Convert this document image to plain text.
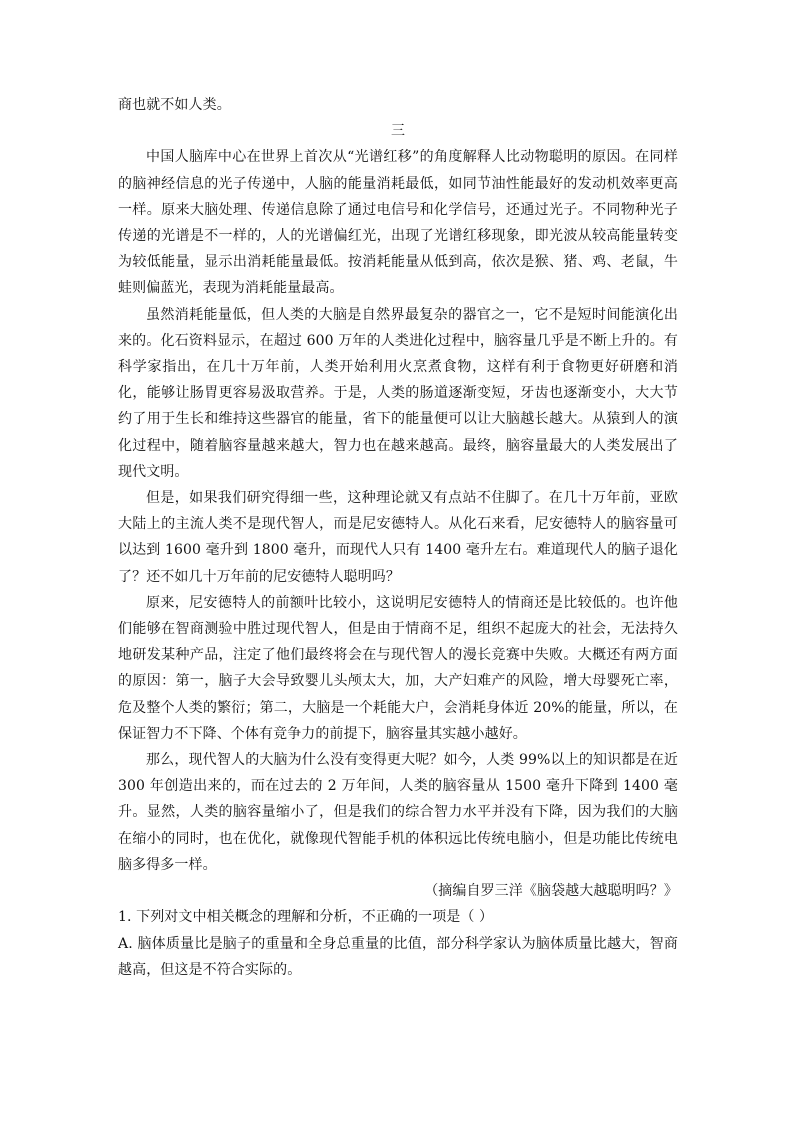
商也就不如人类。

三

中国人脑库中心在世界上首次从“光谱红移”的角度解释人比动物聪明的原因。在同样的脑神经信息的光子传递中，人脑的能量消耗最低，如同节油性能最好的发动机效率更高一样。原来大脑处理、传递信息除了通过电信号和化学信号，还通过光子。不同物种光子传递的光谱是不一样的，人的光谱偏红光，出现了光谱红移现象，即光波从较高能量转变为较低能量，显示出消耗能量最低。按消耗能量从低到高，依次是猴、猪、鸡、老鼠，牛蛙则偏蓝光，表现为消耗能量最高。

虽然消耗能量低，但人类的大脑是自然界最复杂的器官之一，它不是短时间能演化出来的。化石资料显示，在超过 600 万年的人类进化过程中，脑容量几乎是不断上升的。有科学家指出，在几十万年前，人类开始利用火烹煮食物，这样有利于食物更好研磨和消化，能够让肠胃更容易汲取营养。于是，人类的肠道逐渐变短，牙齿也逐渐变小，大大节约了用于生长和维持这些器官的能量，省下的能量便可以让大脑越长越大。从猿到人的演化过程中，随着脑容量越来越大，智力也在越来越高。最终，脑容量最大的人类发展出了现代文明。

但是，如果我们研究得细一些，这种理论就又有点站不住脚了。在几十万年前，亚欧大陆上的主流人类不是现代智人，而是尼安德特人。从化石来看，尼安德特人的脑容量可以达到 1600 毫升到 1800 毫升，而现代人只有 1400 毫升左右。难道现代人的脑子退化了？还不如几十万年前的尼安德特人聪明吗？

原来，尼安德特人的前额叶比较小，这说明尼安德特人的情商还是比较低的。也许他们能够在智商测验中胜过现代智人，但是由于情商不足，组织不起庞大的社会，无法持久地研发某种产品，注定了他们最终将会在与现代智人的漫长竞赛中失败。大概还有两方面的原因：第一，脑子大会导致婴儿头颅太大，加，大产妇难产的风险，增大母婴死亡率，危及整个人类的繁衍；第二，大脑是一个耗能大户，会消耗身体近 20%的能量，所以，在保证智力不下降、个体有竞争力的前提下，脑容量其实越小越好。

那么，现代智人的大脑为什么没有变得更大呢？如今，人类 99%以上的知识都是在近 300 年创造出来的，而在过去的 2 万年间，人类的脑容量从 1500 毫升下降到 1400 毫升。显然，人类的脑容量缩小了，但是我们的综合智力水平并没有下降，因为我们的大脑在缩小的同时，也在优化，就像现代智能手机的体积远比传统电脑小，但是功能比传统电脑多得多一样。

（摘编自罗三洋《脑袋越大越聪明吗？》

1. 下列对文中相关概念的理解和分析，不正确的一项是（ ）

A. 脑体质量比是脑子的重量和全身总重量的比值，部分科学家认为脑体质量比越大，智商越高，但这是不符合实际的。
